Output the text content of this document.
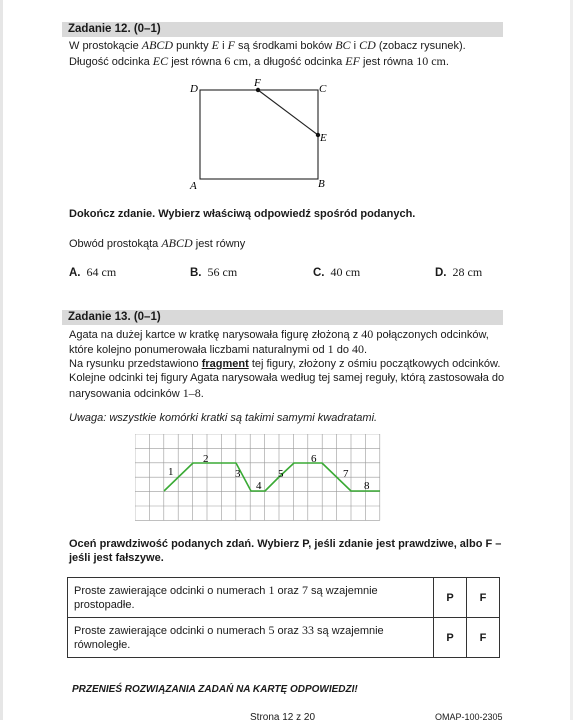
Zadanie 12. (0–1)
W prostokącie ABCD punkty E i F są środkami boków BC i CD (zobacz rysunek).
Długość odcinka EC jest równa 6 cm, a długość odcinka EF jest równa 10 cm.
D	F	C
E
A	B
Dokończ zdanie. Wybierz właściwą odpowiedź spośród podanych.
Obwód prostokąta ABCD jest równy
A. 64 cm	B. 56 cm	C. 40 cm	D. 28 cm
Zadanie 13. (0–1)
Agata na dużej kartce w kratkę narysowała figurę złożoną z 40 połączonych odcinków,
które kolejno ponumerowała liczbami naturalnymi od 1 do 40.
Na rysunku przedstawiono fragment tej figury, złożony z ośmiu początkowych odcinków.
Kolejne odcinki tej figury Agata narysowała według tej samej reguły, którą zastosowała do
narysowania odcinków 1–8.
Uwaga: wszystkie komórki kratki są takimi samymi kwadratami.
1
2
3
4
5
6
7
8
Oceń prawdziwość podanych zdań. Wybierz P, jeśli zdanie jest prawdziwe, albo F –
jeśli jest fałszywe.
Proste zawierające odcinki o numerach 1 oraz 7 są wzajemnie
prostopadłe.	P	F
Proste zawierające odcinki o numerach 5 oraz 33 są wzajemnie
równoległe.	P	F
PRZENIEŚ ROZWIĄZANIA ZADAŃ NA KARTĘ ODPOWIEDZI!
Strona 12 z 20	OMAP-100-2305
